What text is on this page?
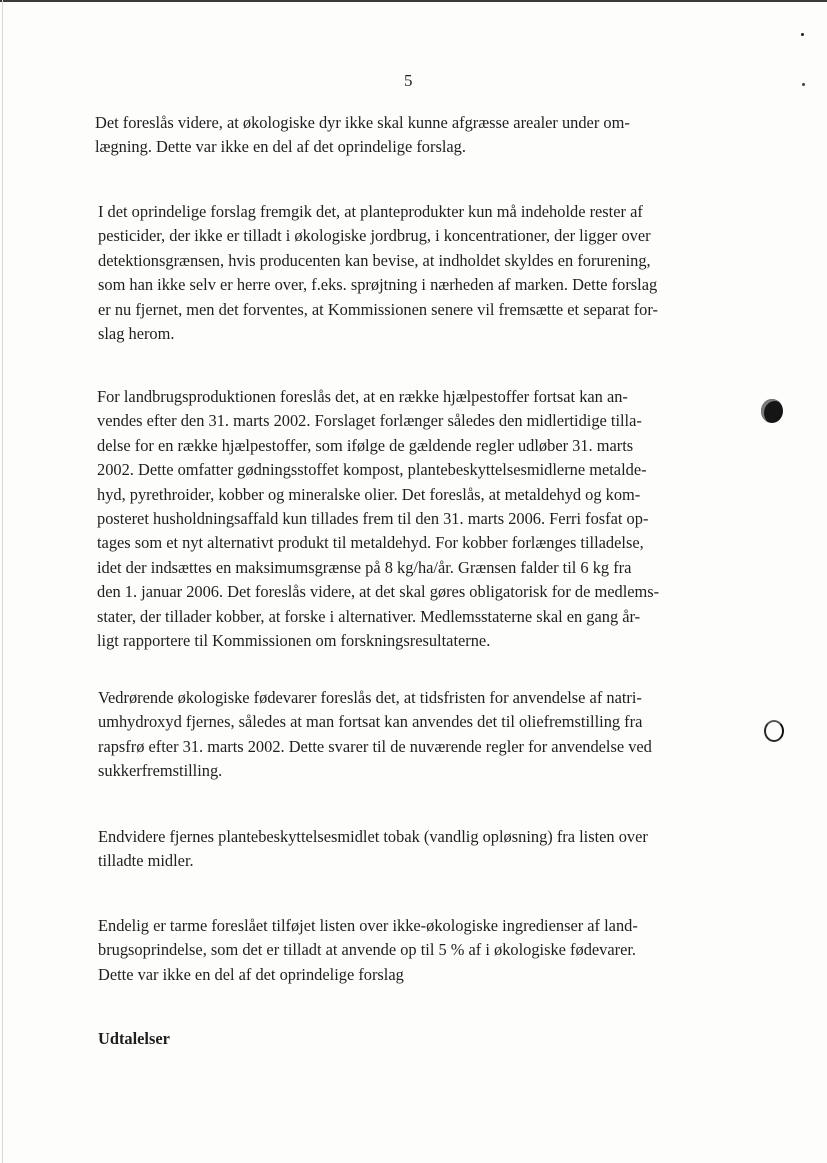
5

Det foreslås videre, at økologiske dyr ikke skal kunne afgræsse arealer under om-
lægning. Dette var ikke en del af det oprindelige forslag.

I det oprindelige forslag fremgik det, at planteprodukter kun må indeholde rester af
pesticider, der ikke er tilladt i økologiske jordbrug, i koncentrationer, der ligger over
detektionsgrænsen, hvis producenten kan bevise, at indholdet skyldes en forurening,
som han ikke selv er herre over, f.eks. sprøjtning i nærheden af marken. Dette forslag
er nu fjernet, men det forventes, at Kommissionen senere vil fremsætte et separat for-
slag herom.

For landbrugsproduktionen foreslås det, at en række hjælpestoffer fortsat kan an-
vendes efter den 31. marts 2002. Forslaget forlænger således den midlertidige tilla-
delse for en række hjælpestoffer, som ifølge de gældende regler udløber 31. marts
2002. Dette omfatter gødningsstoffet kompost, plantebeskyttelsesmidlerne metalde-
hyd, pyrethroider, kobber og mineralske olier. Det foreslås, at metaldehyd og kom-
posteret husholdningsaffald kun tillades frem til den 31. marts 2006. Ferri fosfat op-
tages som et nyt alternativt produkt til metaldehyd. For kobber forlænges tilladelse,
idet der indsættes en maksimumsgrænse på 8 kg/ha/år. Grænsen falder til 6 kg fra
den 1. januar 2006. Det foreslås videre, at det skal gøres obligatorisk for de medlems-
stater, der tillader kobber, at forske i alternativer. Medlemsstaterne skal en gang år-
ligt rapportere til Kommissionen om forskningsresultaterne.

Vedrørende økologiske fødevarer foreslås det, at tidsfristen for anvendelse af natri-
umhydroxyd fjernes, således at man fortsat kan anvendes det til oliefremstilling fra
rapsfrø efter 31. marts 2002. Dette svarer til de nuværende regler for anvendelse ved
sukkerfremstilling.

Endvidere fjernes plantebeskyttelsesmidlet tobak (vandlig opløsning) fra listen over
tilladte midler.

Endelig er tarme foreslået tilføjet listen over ikke-økologiske ingredienser af land-
brugsoprindelse, som det er tilladt at anvende op til 5 % af i økologiske fødevarer.
Dette var ikke en del af det oprindelige forslag

Udtalelser
